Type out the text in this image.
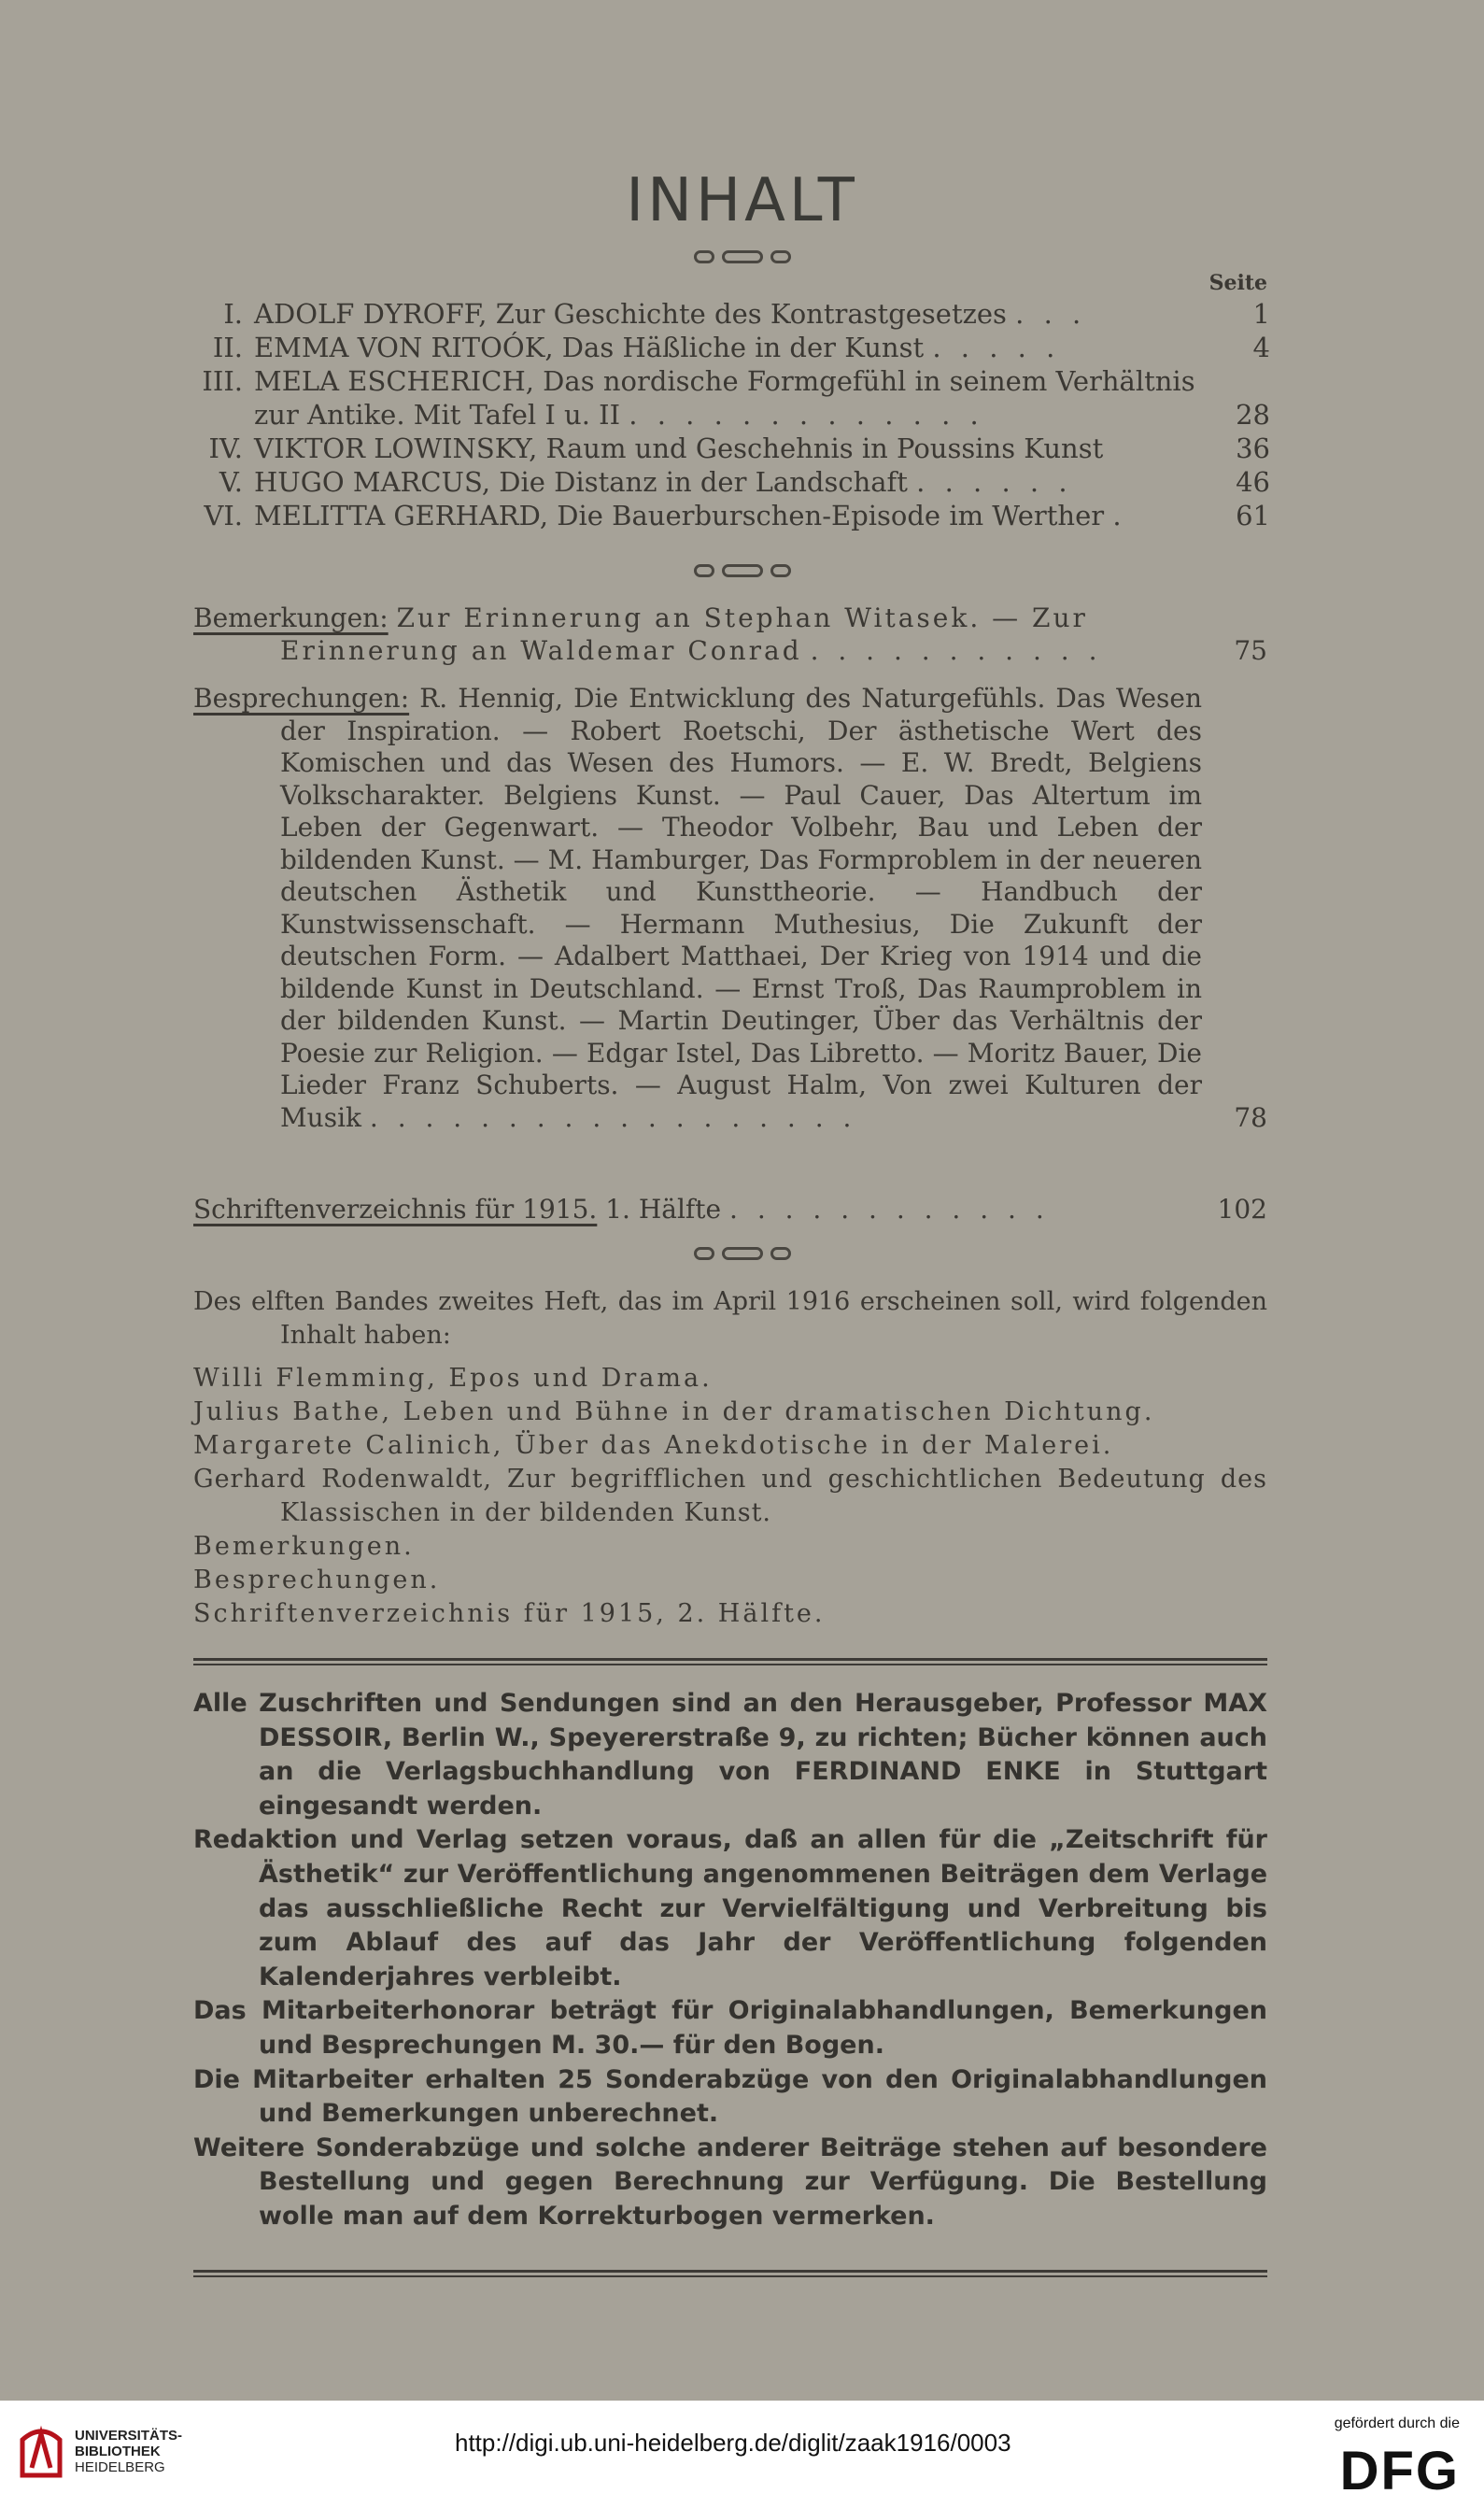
INHALT
Seite
I. ADOLF DYROFF, Zur Geschichte des Kontrastgesetzes . . .	1
II. EMMA VON RITOÓK, Das Häßliche in der Kunst . . . . .	4
III. MELA ESCHERICH, Das nordische Formgefühl in seinem Verhältnis zur Antike. Mit Tafel I u. II . . . . . . . . . . . . .	28
IV. VIKTOR LOWINSKY, Raum und Geschehnis in Poussins Kunst	36
V. HUGO MARCUS, Die Distanz in der Landschaft . . . . . .	46
VI. MELITTA GERHARD, Die Bauerburschen-Episode im Werther .	61
Bemerkungen: Zur Erinnerung an Stephan Witasek. — Zur Erinnerung an Waldemar Conrad . . . . . . . . . . .	75
Besprechungen: R. Hennig, Die Entwicklung des Naturgefühls. Das Wesen der Inspiration. — Robert Roetschi, Der ästhetische Wert des Komischen und das Wesen des Humors. — E. W. Bredt, Belgiens Volkscharakter. Belgiens Kunst. — Paul Cauer, Das Altertum im Leben der Gegenwart. — Theodor Volbehr, Bau und Leben der bildenden Kunst. — M. Hamburger, Das Formproblem in der neueren deutschen Ästhetik und Kunsttheorie. — Handbuch der Kunstwissenschaft. — Hermann Muthesius, Die Zukunft der deutschen Form. — Adalbert Matthaei, Der Krieg von 1914 und die bildende Kunst in Deutschland. — Ernst Troß, Das Raumproblem in der bildenden Kunst. — Martin Deutinger, Über das Verhältnis der Poesie zur Religion. — Edgar Istel, Das Libretto. — Moritz Bauer, Die Lieder Franz Schuberts. — August Halm, Von zwei Kulturen der Musik . . . . . . . . . . . . . . . . . .	78
Schriftenverzeichnis für 1915. 1. Hälfte . . . . . . . . . . . .	102

Des elften Bandes zweites Heft, das im April 1916 erscheinen soll, wird folgenden Inhalt haben:

Willi Flemming, Epos und Drama.

Julius Bathe, Leben und Bühne in der dramatischen Dichtung.

Margarete Calinich, Über das Anekdotische in der Malerei.

Gerhard Rodenwaldt, Zur begrifflichen und geschichtlichen Bedeutung des Klassischen in der bildenden Kunst.

Bemerkungen.

Besprechungen.

Schriftenverzeichnis für 1915, 2. Hälfte.

Alle Zuschriften und Sendungen sind an den Herausgeber, Professor MAX DESSOIR, Berlin W., Speyererstraße 9, zu richten; Bücher können auch an die Verlagsbuchhandlung von FERDINAND ENKE in Stuttgart eingesandt werden.

Redaktion und Verlag setzen voraus, daß an allen für die „Zeitschrift für Ästhetik“ zur Veröffentlichung angenommenen Beiträgen dem Verlage das ausschließliche Recht zur Vervielfältigung und Verbreitung bis zum Ablauf des auf das Jahr der Veröffentlichung folgenden Kalenderjahres verbleibt.

Das Mitarbeiterhonorar beträgt für Originalabhandlungen, Bemerkungen und Besprechungen M. 30.— für den Bogen.

Die Mitarbeiter erhalten 25 Sonderabzüge von den Originalabhandlungen und Bemerkungen unberechnet.

Weitere Sonderabzüge und solche anderer Beiträge stehen auf besondere Bestellung und gegen Berechnung zur Verfügung. Die Bestellung wolle man auf dem Korrekturbogen vermerken.

UNIVERSITÄTS-
BIBLIOTHEK
HEIDELBERG
http://digi.ub.uni-heidelberg.de/diglit/zaak1916/0003
gefördert durch die
DFG
